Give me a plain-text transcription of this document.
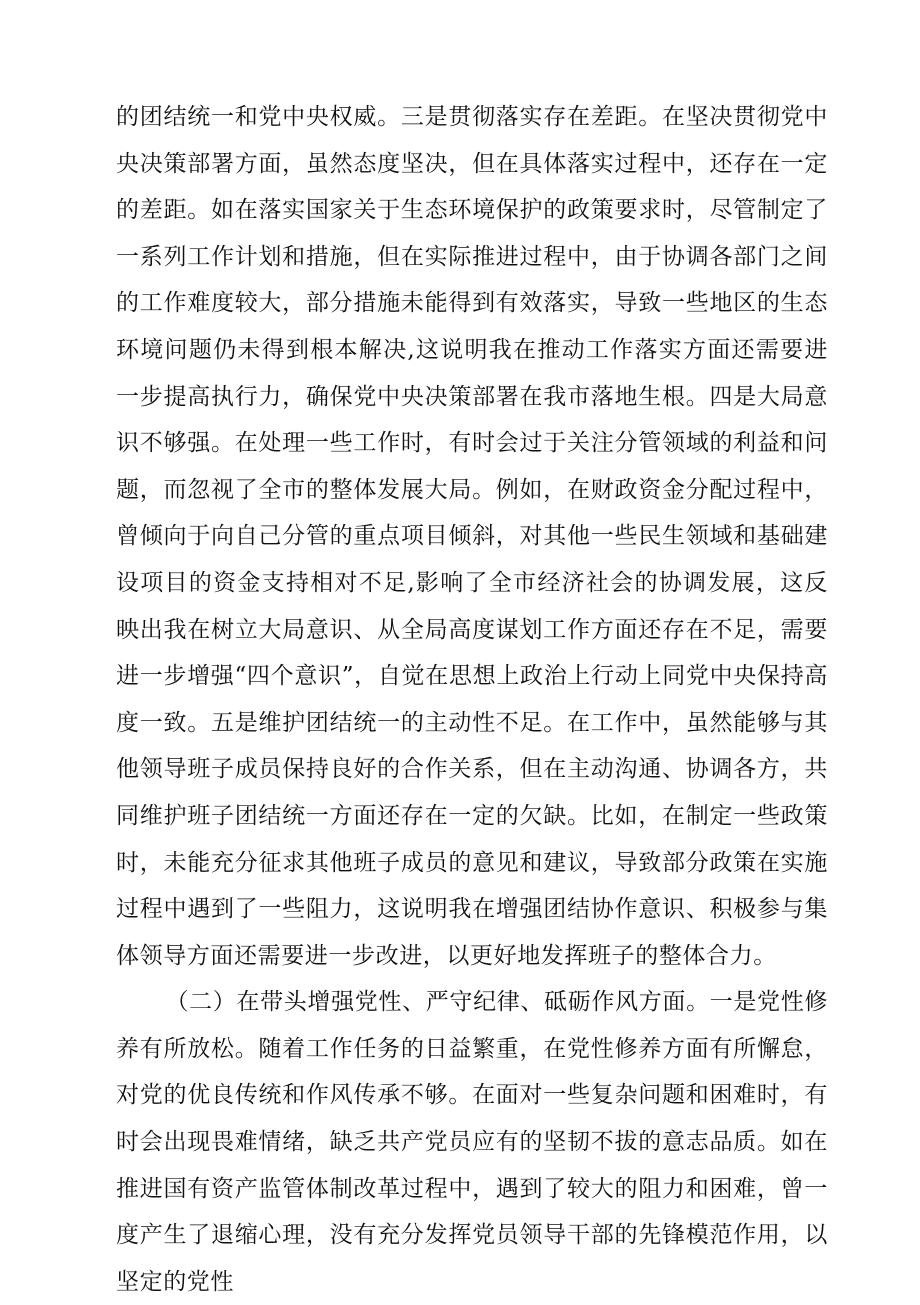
的团结统一和党中央权威。三是贯彻落实存在差距。在坚决贯彻党中央决策部署方面，虽然态度坚决，但在具体落实过程中，还存在一定的差距。如在落实国家关于生态环境保护的政策要求时，尽管制定了一系列工作计划和措施，但在实际推进过程中，由于协调各部门之间的工作难度较大，部分措施未能得到有效落实，导致一些地区的生态环境问题仍未得到根本解决,这说明我在推动工作落实方面还需要进一步提高执行力，确保党中央决策部署在我市落地生根。四是大局意识不够强。在处理一些工作时，有时会过于关注分管领域的利益和问题，而忽视了全市的整体发展大局。例如，在财政资金分配过程中，曾倾向于向自己分管的重点项目倾斜，对其他一些民生领域和基础建设项目的资金支持相对不足,影响了全市经济社会的协调发展，这反映出我在树立大局意识、从全局高度谋划工作方面还存在不足，需要进一步增强“四个意识”，自觉在思想上政治上行动上同党中央保持高度一致。五是维护团结统一的主动性不足。在工作中，虽然能够与其他领导班子成员保持良好的合作关系，但在主动沟通、协调各方，共同维护班子团结统一方面还存在一定的欠缺。比如，在制定一些政策时，未能充分征求其他班子成员的意见和建议，导致部分政策在实施过程中遇到了一些阻力，这说明我在增强团结协作意识、积极参与集体领导方面还需要进一步改进，以更好地发挥班子的整体合力。

（二）在带头增强党性、严守纪律、砥砺作风方面。一是党性修养有所放松。随着工作任务的日益繁重，在党性修养方面有所懈怠，对党的优良传统和作风传承不够。在面对一些复杂问题和困难时，有时会出现畏难情绪，缺乏共产党员应有的坚韧不拔的意志品质。如在推进国有资产监管体制改革过程中，遇到了较大的阻力和困难，曾一度产生了退缩心理，没有充分发挥党员领导干部的先锋模范作用，以坚定的党性
